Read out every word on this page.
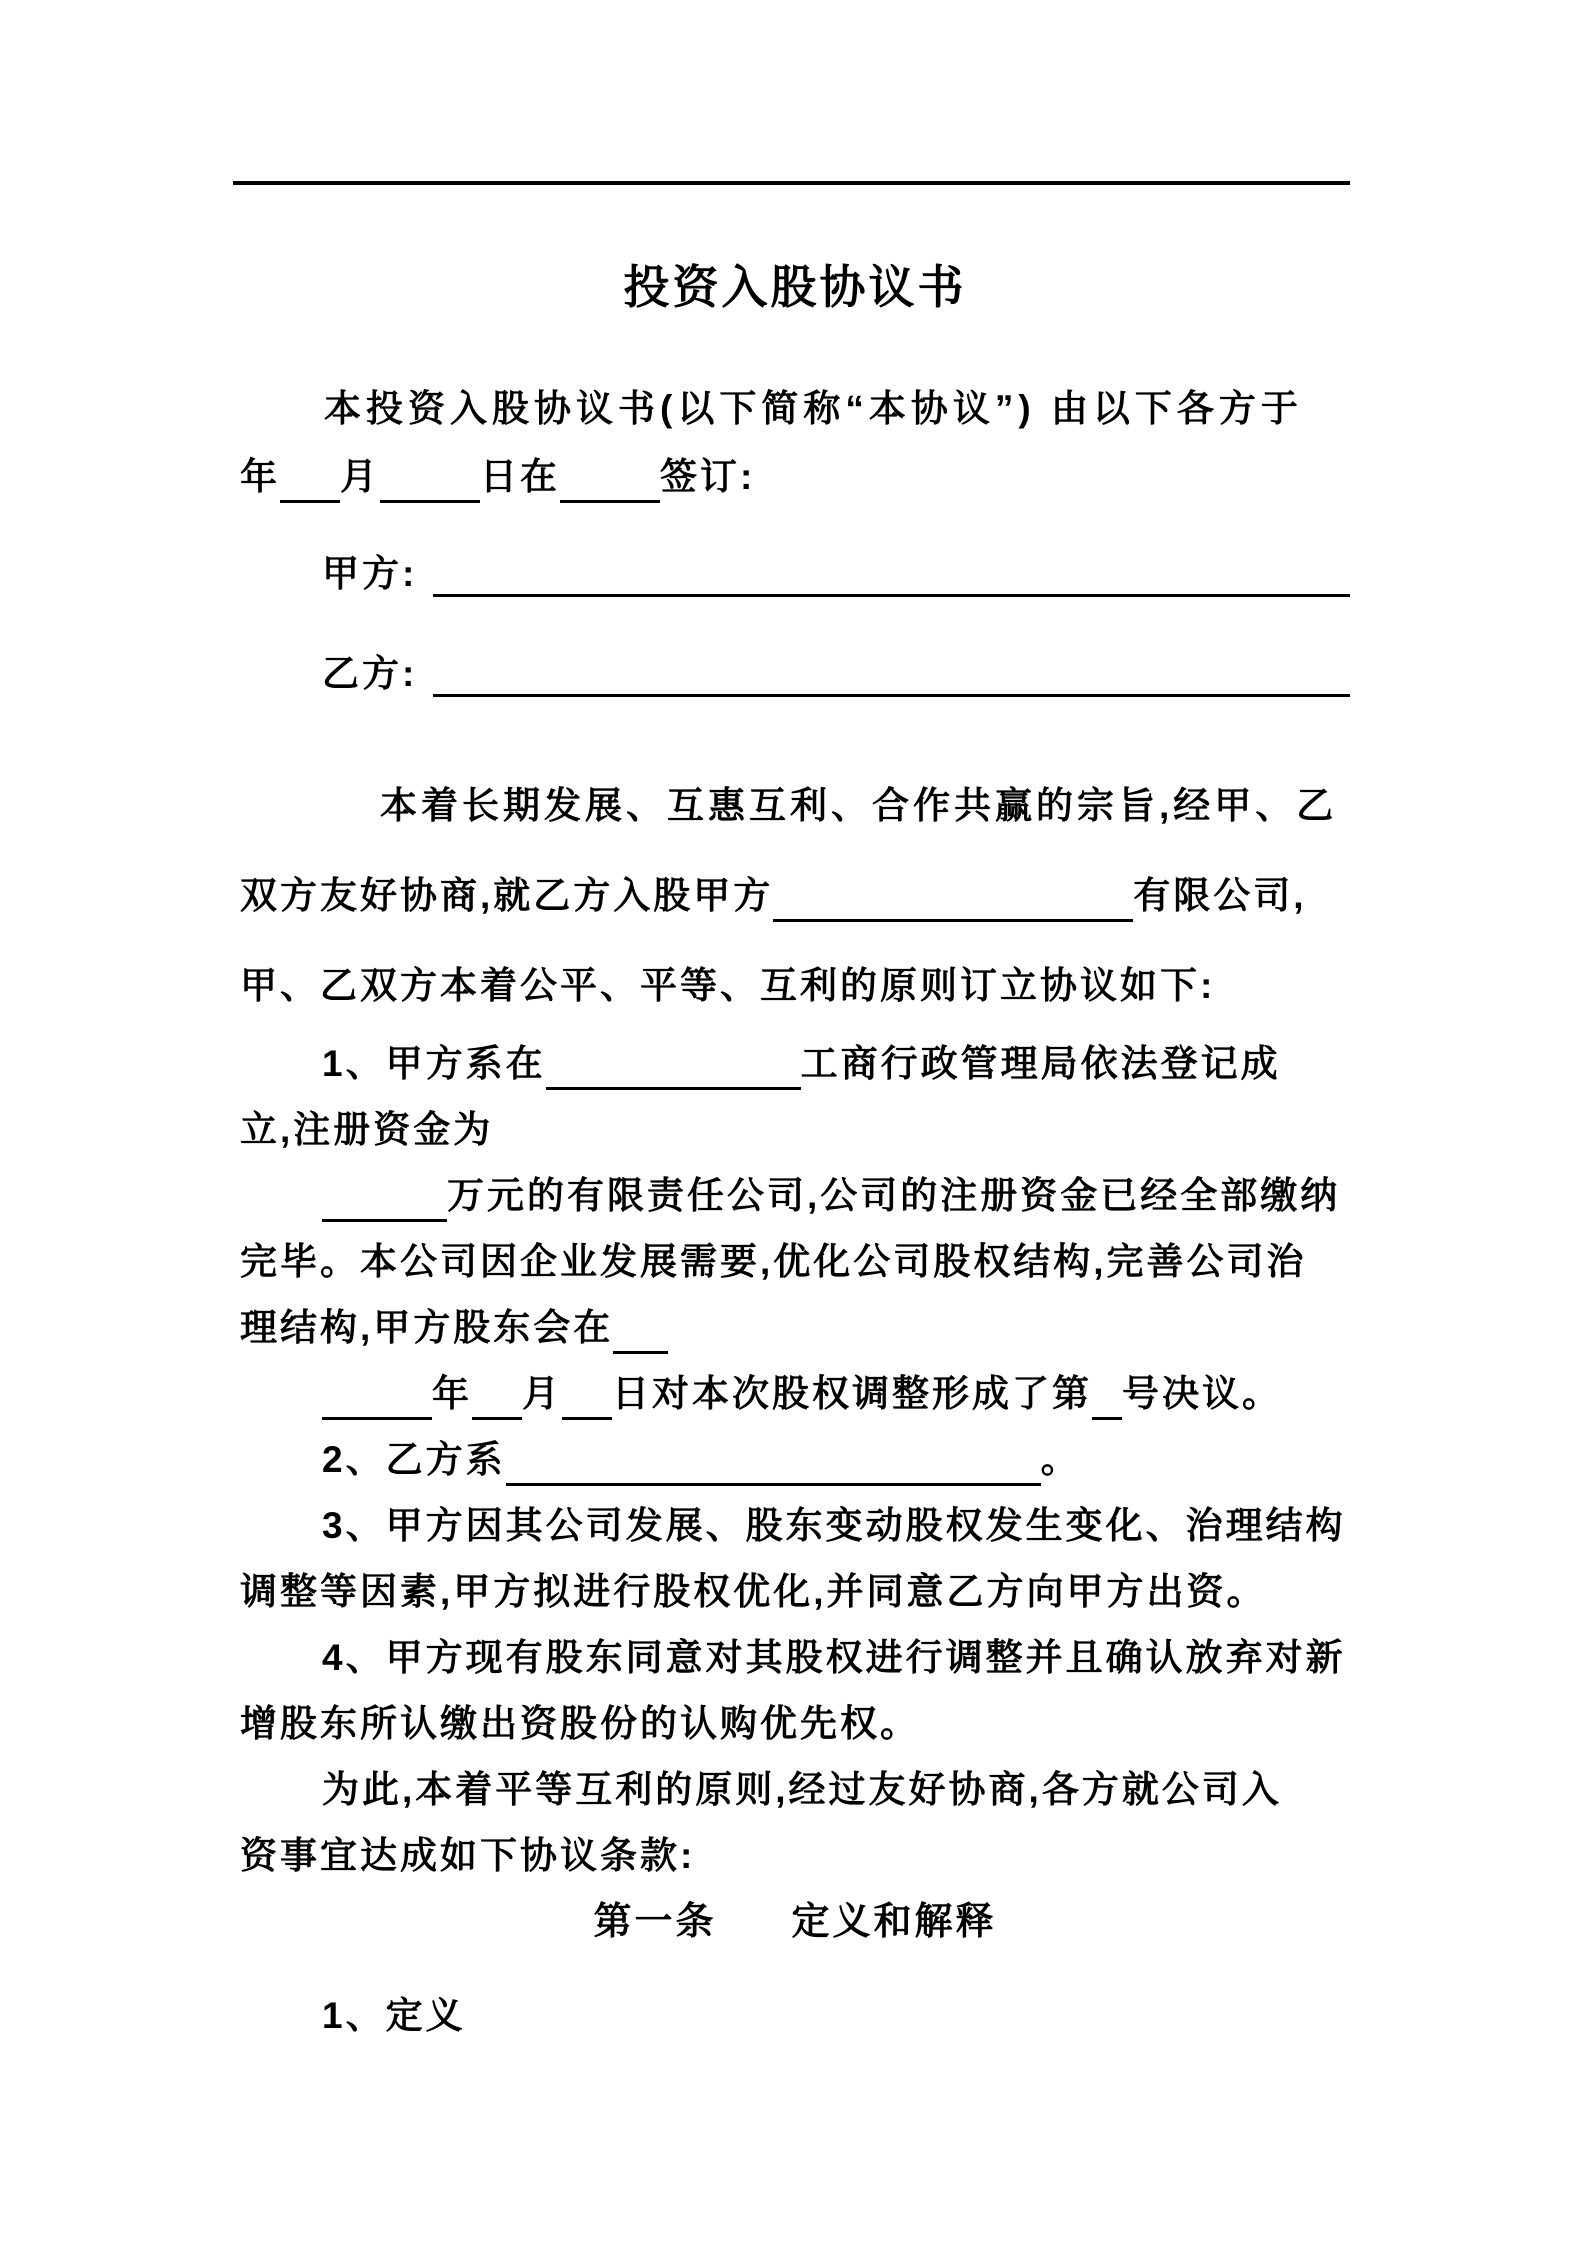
投资入股协议书

本投资入股协议书(以下简称“本协议”) 由以下各方于

年 月	日在	签订:

甲方:
乙方:

本着长期发展、互惠互利、合作共赢的宗旨,经甲、乙

双方友好协商,就乙方入股甲方	有限公司,

甲、乙双方本着公平、平等、互利的原则订立协议如下:

1、甲方系在	工商行政管理局依法登记成

立,注册资金为

万元的有限责任公司,公司的注册资金已经全部缴纳

完毕。本公司因企业发展需要,优化公司股权结构,完善公司治

理结构,甲方股东会在

年 月 日对本次股权调整形成了第 号决议。

2、乙方系	。

3、甲方因其公司发展、股东变动股权发生变化、治理结构

调整等因素,甲方拟进行股权优化,并同意乙方向甲方出资。

4、甲方现有股东同意对其股权进行调整并且确认放弃对新

增股东所认缴出资股份的认购优先权。

为此,本着平等互利的原则,经过友好协商,各方就公司入

资事宜达成如下协议条款:

第一条 定义和解释

1、定义
